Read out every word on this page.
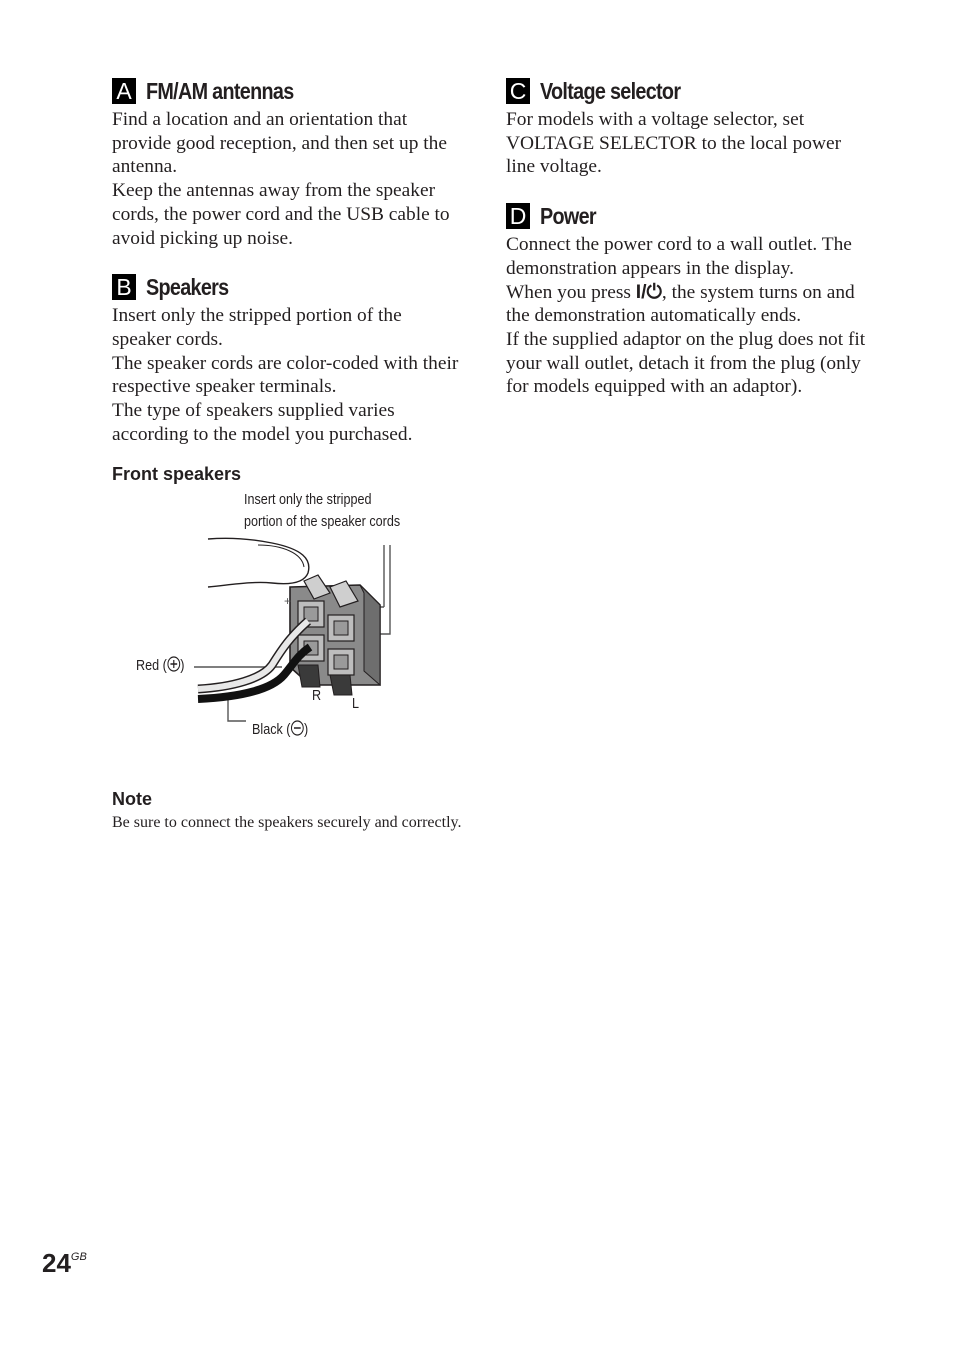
A FM/AM antennas

Find a location and an orientation that provide good reception, and then set up the antenna.

Keep the antennas away from the speaker cords, the power cord and the USB cable to avoid picking up noise.

B Speakers

Insert only the stripped portion of the speaker cords.

The speaker cords are color-coded with their respective speaker terminals.

The type of speakers supplied varies according to the model you purchased.

Front speakers
Insert only the stripped
portion of the speaker cords
Red ( )
Black ( )
+
R L
Note

Be sure to connect the speakers securely and correctly.

C Voltage selector

For models with a voltage selector, set VOLTAGE SELECTOR to the local power line voltage.

D Power

Connect the power cord to a wall outlet. The demonstration appears in the display.

When you press I/⏻, the system turns on and the demonstration automatically ends.

If the supplied adaptor on the plug does not fit your wall outlet, detach it from the plug (only for models equipped with an adaptor).

$24^{GB}$
